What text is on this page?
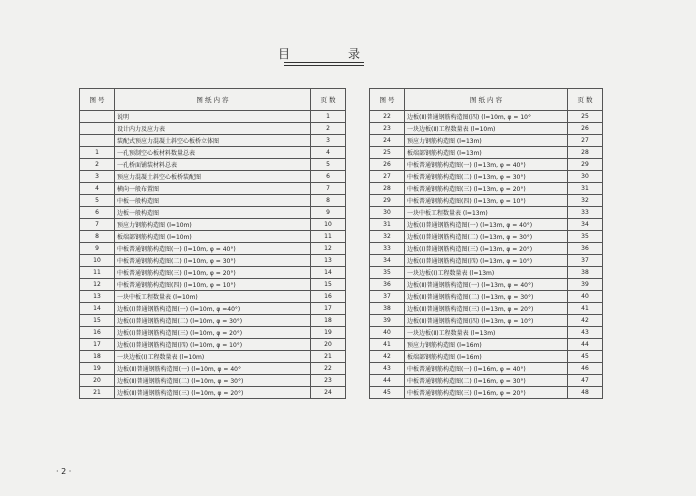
目	录
图 号	图 纸 内 容	页 数
	说明	1
	设计内力及应力表	2
	装配式预应力混凝土斜空心板桥立体图	3
1	一孔预制空心板材料数量总表	4
2	一孔桥面铺装材料总表	5
3	预应力混凝土斜空心板桥装配图	6
4	横向一般布置图	7
5	中板一般构造图	8
6	边板一般构造图	9
7	预应力钢筋构造图 (l=10m)	10
8	板端部钢筋构造图 (l=10m)	11
9	中板普通钢筋构造图(一) (l=10m, φ = 40°)	12
10	中板普通钢筋构造图(二) (l=10m, φ = 30°)	13
11	中板普通钢筋构造图(三) (l=10m, φ = 20°)	14
12	中板普通钢筋构造图(四) (l=10m, φ = 10°)	15
13	一块中板工程数量表 (l=10m)	16
14	边板(Ⅰ)普通钢筋构造图(一) (l=10m, φ =40°)	17
15	边板(Ⅰ)普通钢筋构造图(二) (l=10m, φ = 30°)	18
16	边板(Ⅰ)普通钢筋构造图(三) (l=10m, φ = 20°)	19
17	边板(Ⅰ)普通钢筋构造图(四) (l=10m, φ = 10°)	20
18	一块边板(Ⅰ)工程数量表 (l=10m)	21
19	边板(Ⅱ)普通钢筋构造图(一) (l=10m, φ = 40°	22
20	边板(Ⅱ)普通钢筋构造图(二) (l=10m, φ = 30°)	23
21	边板(Ⅱ)普通钢筋构造图(三) (l=10m, φ = 20°)	24
图 号	图 纸 内 容	页 数
22	边板(Ⅱ)普通钢筋构造图(四) (l=10m, φ = 10°	25
23	一块边板(Ⅱ)工程数量表 (l=10m)	26
24	预应力钢筋构造图 (l=13m)	27
25	板端部钢筋构造图 (l=13m)	28
26	中板普通钢筋构造图(一) (l=13m, φ = 40°)	29
27	中板普通钢筋构造图(二) (l=13m, φ = 30°)	30
28	中板普通钢筋构造图(三) (l=13m, φ = 20°)	31
29	中板普通钢筋构造图(四) (l=13m, φ = 10°)	32
30	一块中板工程数量表 (l=13m)	33
31	边板(Ⅰ)普通钢筋构造图(一) (l=13m, φ = 40°)	34
32	边板(Ⅰ)普通钢筋构造图(二) (l=13m, φ = 30°)	35
33	边板(Ⅰ)普通钢筋构造图(三) (l=13m, φ = 20°)	36
34	边板(Ⅰ)普通钢筋构造图(四) (l=13m, φ = 10°)	37
35	一块边板(Ⅰ)工程数量表 (l=13m)	38
36	边板(Ⅱ)普通钢筋构造图(一) (l=13m, φ = 40°)	39
37	边板(Ⅱ)普通钢筋构造图(二) (l=13m, φ = 30°)	40
38	边板(Ⅱ)普通钢筋构造图(三) (l=13m, φ = 20°)	41
39	边板(Ⅱ)普通钢筋构造图(四) (l=13m, φ = 10°)	42
40	一块边板(Ⅱ)工程数量表 (l=13m)	43
41	预应力钢筋构造图 (l=16m)	44
42	板端部钢筋构造图 (l=16m)	45
43	中板普通钢筋构造图(一) (l=16m, φ = 40°)	46
44	中板普通钢筋构造图(二) (l=16m, φ = 30°)	47
45	中板普通钢筋构造图(三) (l=16m, φ = 20°)	48
· 2 ·
